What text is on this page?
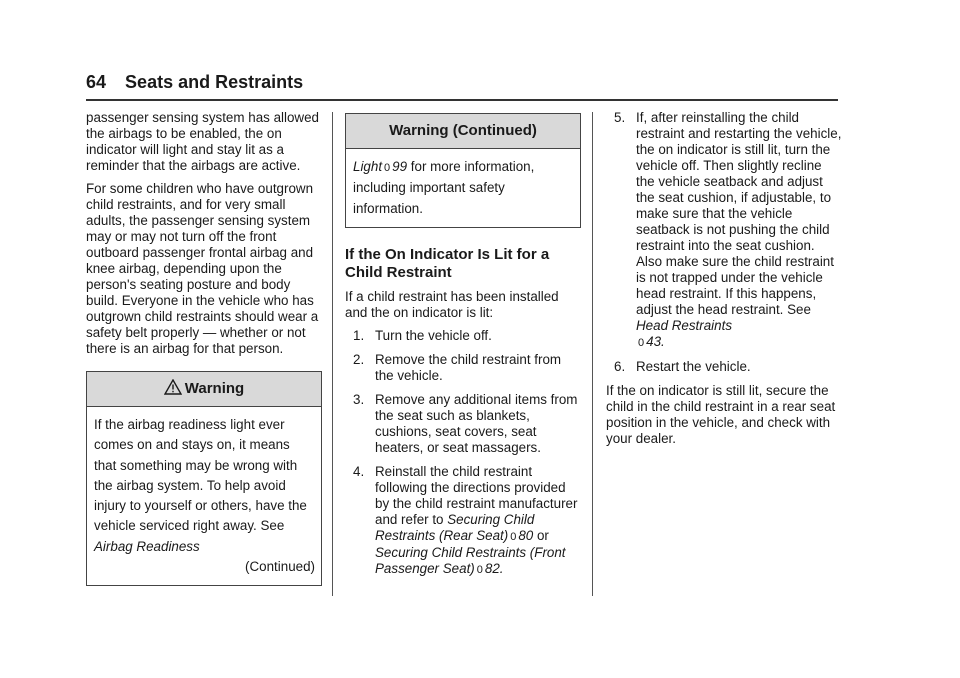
64 Seats and Restraints

passenger sensing system has allowed the airbags to be enabled, the on indicator will light and stay lit as a reminder that the airbags are active.

For some children who have outgrown child restraints, and for very small adults, the passenger sensing system may or may not turn off the front outboard passenger frontal airbag and knee airbag, depending upon the person's seating posture and body build. Everyone in the vehicle who has outgrown child restraints should wear a safety belt properly — whether or not there is an airbag for that person.

Warning
If the airbag readiness light ever comes on and stays on, it means that something may be wrong with the airbag system. To help avoid injury to yourself or others, have the vehicle serviced right away. See Airbag Readiness
(Continued)
Warning (Continued)
Light 0 99 for more information, including important safety information.
If the On Indicator Is Lit for a Child Restraint

If a child restraint has been installed and the on indicator is lit:

1. Turn the vehicle off.
2. Remove the child restraint from the vehicle.
3. Remove any additional items from the seat such as blankets, cushions, seat covers, seat heaters, or seat massagers.
4. Reinstall the child restraint following the directions provided by the child restraint manufacturer and refer to Securing Child Restraints (Rear Seat) 0 80 or Securing Child Restraints (Front Passenger Seat) 0 82.
5. If, after reinstalling the child restraint and restarting the vehicle, the on indicator is still lit, turn the vehicle off. Then slightly recline the vehicle seatback and adjust the seat cushion, if adjustable, to make sure that the vehicle seatback is not pushing the child restraint into the seat cushion. Also make sure the child restraint is not trapped under the vehicle head restraint. If this happens, adjust the head restraint. See Head Restraints
0 43.
6. Restart the vehicle.

If the on indicator is still lit, secure the child in the child restraint in a rear seat position in the vehicle, and check with your dealer.
